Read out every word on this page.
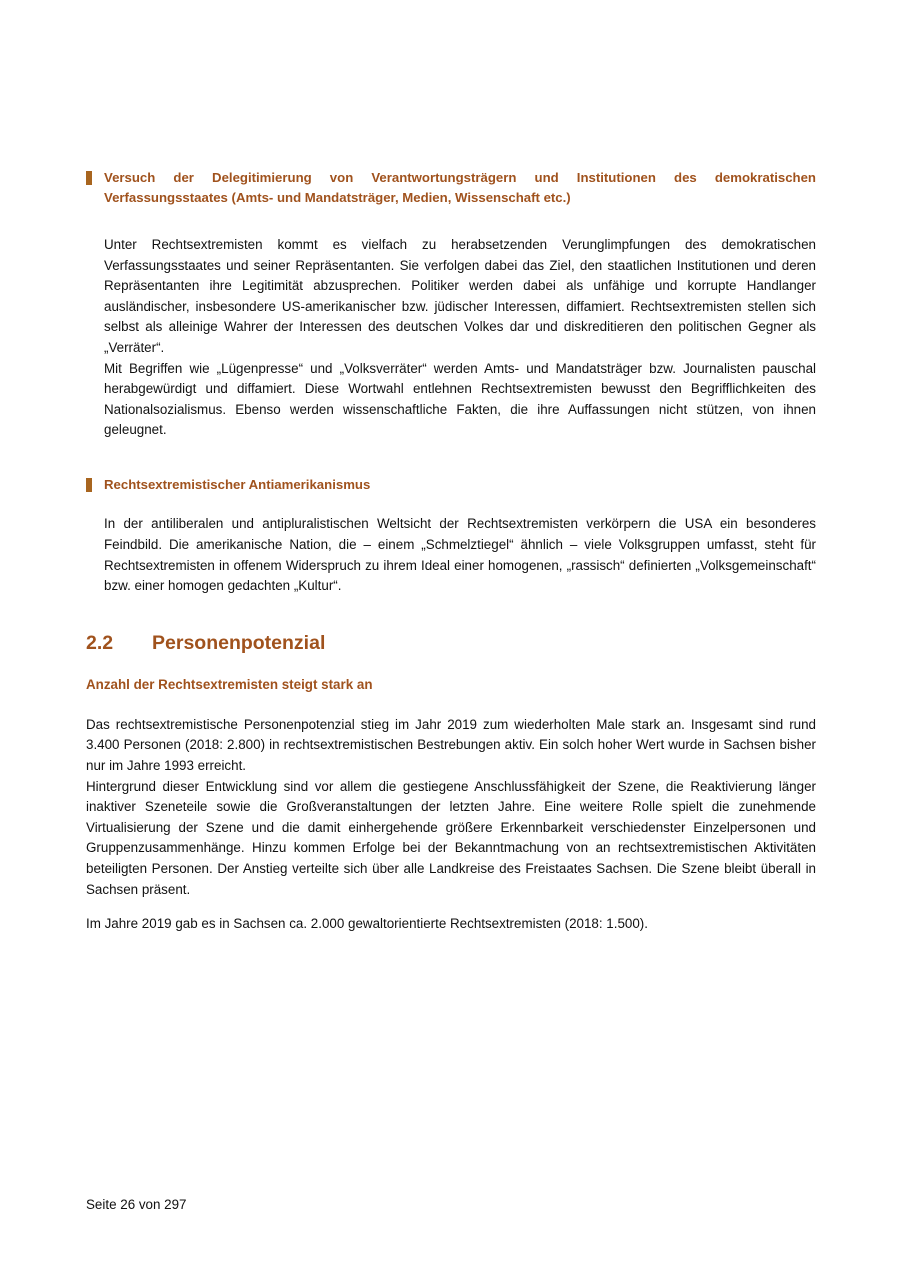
Versuch der Delegitimierung von Verantwortungsträgern und Institutionen des demokratischen Verfassungsstaates (Amts- und Mandatsträger, Medien, Wissenschaft etc.)

Unter Rechtsextremisten kommt es vielfach zu herabsetzenden Verunglimpfungen des demokratischen Verfassungsstaates und seiner Repräsentanten. Sie verfolgen dabei das Ziel, den staatlichen Institutionen und deren Repräsentanten ihre Legitimität abzusprechen. Politiker werden dabei als unfähige und korrupte Handlanger ausländischer, insbesondere US-amerikanischer bzw. jüdischer Interessen, diffamiert. Rechtsextremisten stellen sich selbst als alleinige Wahrer der Interessen des deutschen Volkes dar und diskreditieren den politischen Gegner als „Verräter“.

Mit Begriffen wie „Lügenpresse“ und „Volksverräter“ werden Amts- und Mandatsträger bzw. Journalisten pauschal herabgewürdigt und diffamiert. Diese Wortwahl entlehnen Rechtsextremisten bewusst den Begrifflichkeiten des Nationalsozialismus. Ebenso werden wissenschaftliche Fakten, die ihre Auffassungen nicht stützen, von ihnen geleugnet.

Rechtsextremistischer Antiamerikanismus

In der antiliberalen und antipluralistischen Weltsicht der Rechtsextremisten verkörpern die USA ein besonderes Feindbild. Die amerikanische Nation, die – einem „Schmelztiegel“ ähnlich – viele Volksgruppen umfasst, steht für Rechtsextremisten in offenem Widerspruch zu ihrem Ideal einer homogenen, „rassisch“ definierten „Volksgemeinschaft“ bzw. einer homogen gedachten „Kultur“.

2.2	Personenpotenzial
Anzahl der Rechtsextremisten steigt stark an

Das rechtsextremistische Personenpotenzial stieg im Jahr 2019 zum wiederholten Male stark an. Insgesamt sind rund 3.400 Personen (2018: 2.800) in rechtsextremistischen Bestrebungen aktiv. Ein solch hoher Wert wurde in Sachsen bisher nur im Jahre 1993 erreicht.

Hintergrund dieser Entwicklung sind vor allem die gestiegene Anschlussfähigkeit der Szene, die Reaktivierung länger inaktiver Szeneteile sowie die Großveranstaltungen der letzten Jahre. Eine weitere Rolle spielt die zunehmende Virtualisierung der Szene und die damit einhergehende größere Erkennbarkeit verschiedenster Einzelpersonen und Gruppenzusammenhänge. Hinzu kommen Erfolge bei der Bekanntmachung von an rechtsextremistischen Aktivitäten beteiligten Personen. Der Anstieg verteilte sich über alle Landkreise des Freistaates Sachsen. Die Szene bleibt überall in Sachsen präsent.

Im Jahre 2019 gab es in Sachsen ca. 2.000 gewaltorientierte Rechtsextremisten (2018: 1.500).

Seite 26 von 297
